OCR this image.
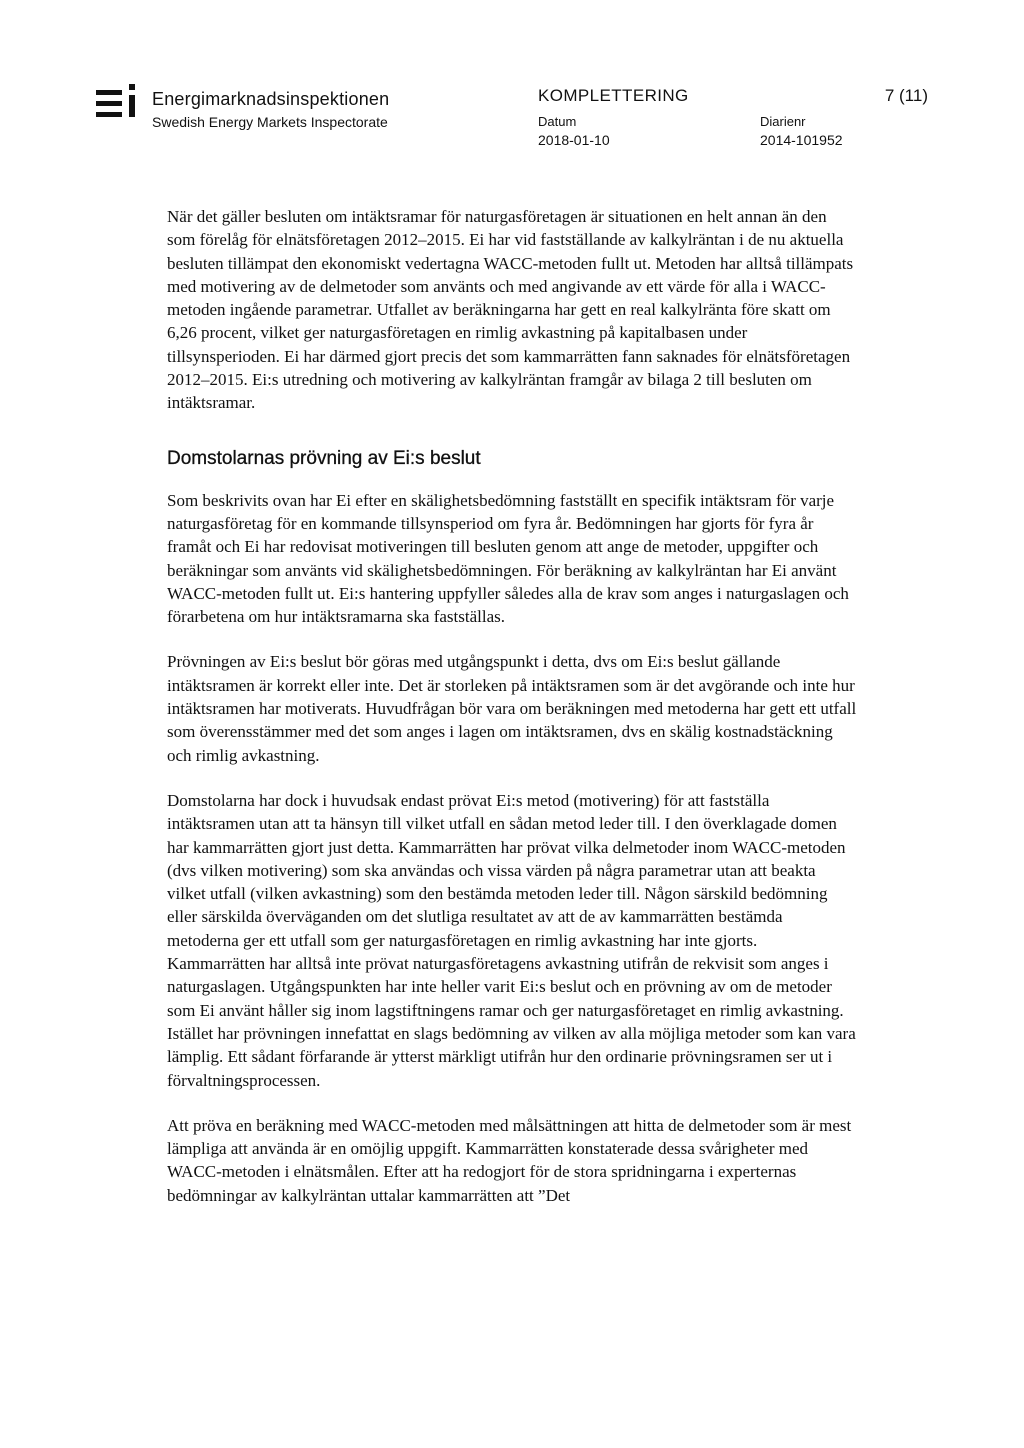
Energimarknadsinspektionen
Swedish Energy Markets Inspectorate
KOMPLETTERING	7 (11)
Datum
2018-01-10
Diarienr
2014-101952

När det gäller besluten om intäktsramar för naturgasföretagen är situationen en helt annan än den som förelåg för elnätsföretagen 2012–2015. Ei har vid fastställande av kalkylräntan i de nu aktuella besluten tillämpat den ekonomiskt vedertagna WACC-metoden fullt ut. Metoden har alltså tillämpats med motivering av de delmetoder som använts och med angivande av ett värde för alla i WACC-metoden ingående parametrar. Utfallet av beräkningarna har gett en real kalkylränta före skatt om 6,26 procent, vilket ger naturgasföretagen en rimlig avkastning på kapitalbasen under tillsynsperioden. Ei har därmed gjort precis det som kammarrätten fann saknades för elnätsföretagen 2012–2015. Ei:s utredning och motivering av kalkylräntan framgår av bilaga 2 till besluten om intäktsramar.

Domstolarnas prövning av Ei:s beslut

Som beskrivits ovan har Ei efter en skälighetsbedömning fastställt en specifik intäktsram för varje naturgasföretag för en kommande tillsynsperiod om fyra år. Bedömningen har gjorts för fyra år framåt och Ei har redovisat motiveringen till besluten genom att ange de metoder, uppgifter och beräkningar som använts vid skälighetsbedömningen. För beräkning av kalkylräntan har Ei använt WACC-metoden fullt ut. Ei:s hantering uppfyller således alla de krav som anges i naturgaslagen och förarbetena om hur intäktsramarna ska fastställas.

Prövningen av Ei:s beslut bör göras med utgångspunkt i detta, dvs om Ei:s beslut gällande intäktsramen är korrekt eller inte. Det är storleken på intäktsramen som är det avgörande och inte hur intäktsramen har motiverats. Huvudfrågan bör vara om beräkningen med metoderna har gett ett utfall som överensstämmer med det som anges i lagen om intäktsramen, dvs en skälig kostnadstäckning och rimlig avkastning.

Domstolarna har dock i huvudsak endast prövat Ei:s metod (motivering) för att fastställa intäktsramen utan att ta hänsyn till vilket utfall en sådan metod leder till. I den överklagade domen har kammarrätten gjort just detta. Kammarrätten har prövat vilka delmetoder inom WACC-metoden (dvs vilken motivering) som ska användas och vissa värden på några parametrar utan att beakta vilket utfall (vilken avkastning) som den bestämda metoden leder till. Någon särskild bedömning eller särskilda överväganden om det slutliga resultatet av att de av kammarrätten bestämda metoderna ger ett utfall som ger naturgasföretagen en rimlig avkastning har inte gjorts. Kammarrätten har alltså inte prövat naturgasföretagens avkastning utifrån de rekvisit som anges i naturgaslagen. Utgångspunkten har inte heller varit Ei:s beslut och en prövning av om de metoder som Ei använt håller sig inom lagstiftningens ramar och ger naturgasföretaget en rimlig avkastning. Istället har prövningen innefattat en slags bedömning av vilken av alla möjliga metoder som kan vara lämplig. Ett sådant förfarande är ytterst märkligt utifrån hur den ordinarie prövningsramen ser ut i förvaltningsprocessen.

Att pröva en beräkning med WACC-metoden med målsättningen att hitta de delmetoder som är mest lämpliga att använda är en omöjlig uppgift. Kammarrätten konstaterade dessa svårigheter med WACC-metoden i elnätsmålen. Efter att ha redogjort för de stora spridningarna i experternas bedömningar av kalkylräntan uttalar kammarrätten att ”Det
